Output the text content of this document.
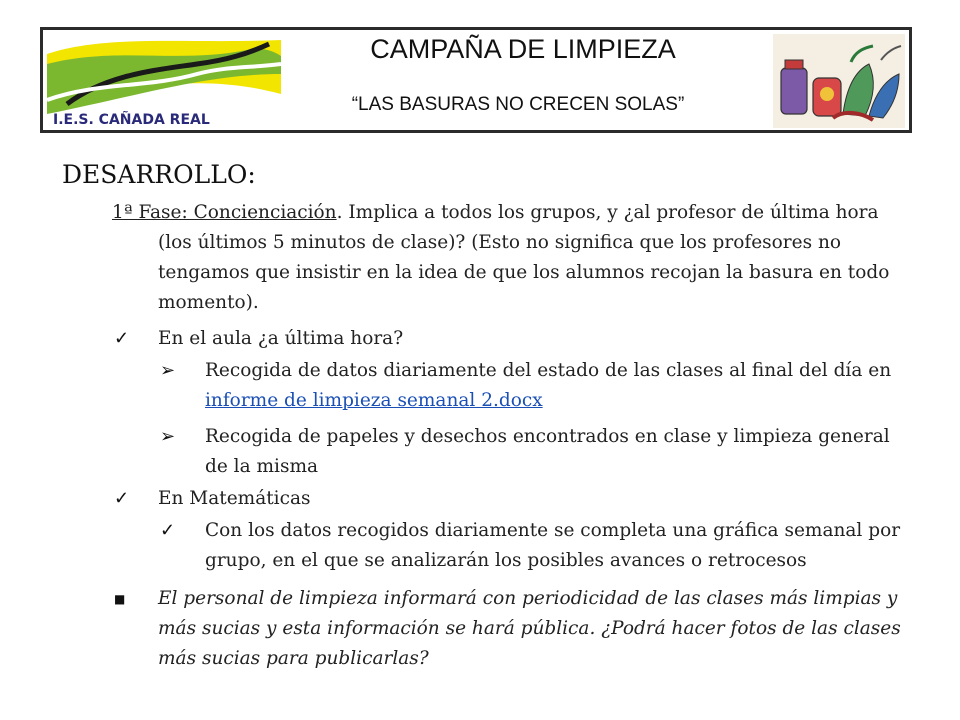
I.E.S. CAÑADA REAL
CAMPAÑA DE LIMPIEZA
“LAS BASURAS NO CRECEN SOLAS”
DESARROLLO:
1ª Fase: Concienciación. Implica a todos los grupos, y ¿al profesor de última hora
(los últimos 5 minutos de clase)? (Esto no significa que los profesores no
tengamos que insistir en la idea de que los alumnos recojan la basura en todo
momento).
✓ En el aula ¿a última hora?
➢ Recogida de datos diariamente del estado de las clases al final del día en
informe de limpieza semanal 2.docx
➢ Recogida de papeles y desechos encontrados en clase y limpieza general
de la misma
✓ En Matemáticas
✓ Con los datos recogidos diariamente se completa una gráfica semanal por
grupo, en el que se analizarán los posibles avances o retrocesos
■ El personal de limpieza informará con periodicidad de las clases más limpias y
más sucias y esta información se hará pública. ¿Podrá hacer fotos de las clases
más sucias para publicarlas?
